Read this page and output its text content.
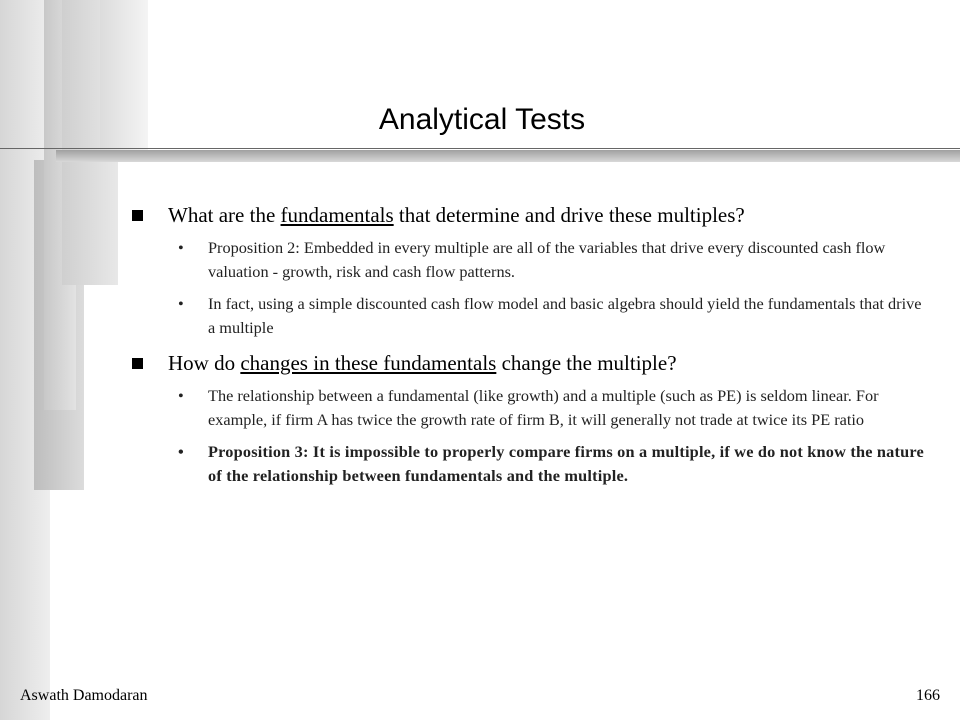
Analytical Tests

What are the fundamentals that determine and drive these multiples?

• Proposition 2: Embedded in every multiple are all of the variables that drive every discounted cash flow valuation - growth, risk and cash flow patterns.

• In fact, using a simple discounted cash flow model and basic algebra should yield the fundamentals that drive a multiple

How do changes in these fundamentals change the multiple?

• The relationship between a fundamental (like growth) and a multiple (such as PE) is seldom linear. For example, if firm A has twice the growth rate of firm B, it will generally not trade at twice its PE ratio

• Proposition 3: It is impossible to properly compare firms on a multiple, if we do not know the nature of the relationship between fundamentals and the multiple.

Aswath Damodaran	166
